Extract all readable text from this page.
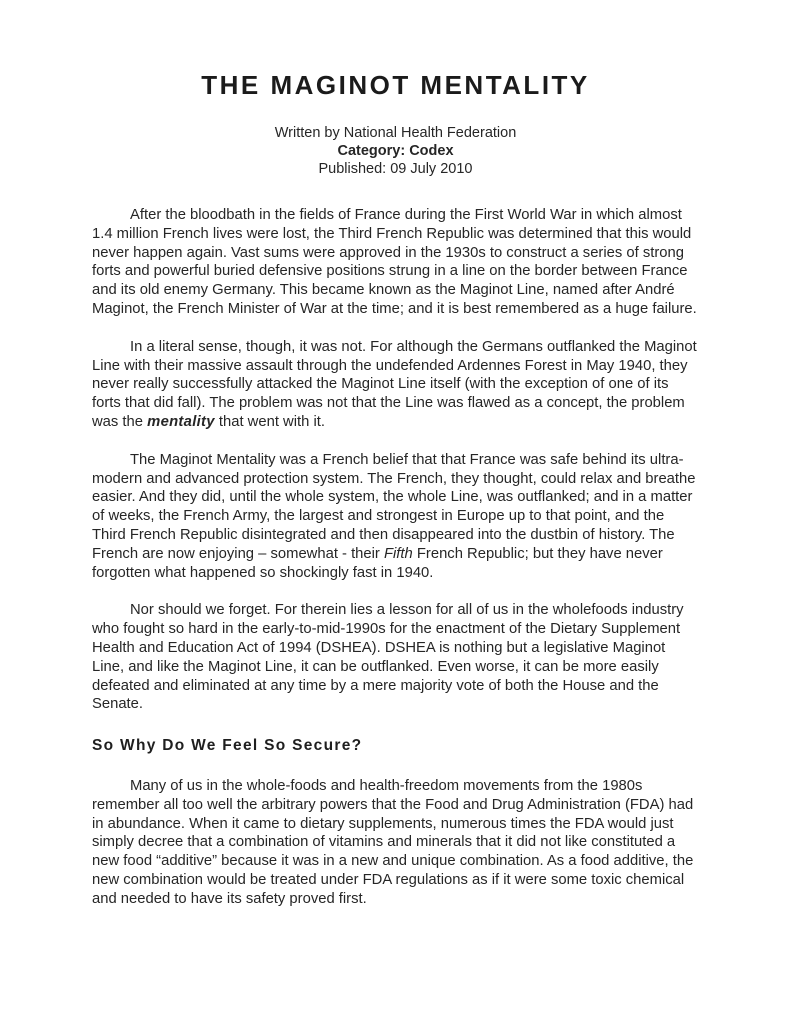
THE MAGINOT MENTALITY
Written by National Health Federation
Category: Codex
Published: 09 July 2010

After the bloodbath in the fields of France during the First World War in which almost 1.4 million French lives were lost, the Third French Republic was determined that this would never happen again. Vast sums were approved in the 1930s to construct a series of strong forts and powerful buried defensive positions strung in a line on the border between France and its old enemy Germany. This became known as the Maginot Line, named after André Maginot, the French Minister of War at the time; and it is best remembered as a huge failure.

In a literal sense, though, it was not. For although the Germans outflanked the Maginot Line with their massive assault through the undefended Ardennes Forest in May 1940, they never really successfully attacked the Maginot Line itself (with the exception of one of its forts that did fall). The problem was not that the Line was flawed as a concept, the problem was the mentality that went with it.

The Maginot Mentality was a French belief that that France was safe behind its ultra-modern and advanced protection system. The French, they thought, could relax and breathe easier. And they did, until the whole system, the whole Line, was outflanked; and in a matter of weeks, the French Army, the largest and strongest in Europe up to that point, and the Third French Republic disintegrated and then disappeared into the dustbin of history. The French are now enjoying – somewhat - their Fifth French Republic; but they have never forgotten what happened so shockingly fast in 1940.

Nor should we forget. For therein lies a lesson for all of us in the wholefoods industry who fought so hard in the early-to-mid-1990s for the enactment of the Dietary Supplement Health and Education Act of 1994 (DSHEA). DSHEA is nothing but a legislative Maginot Line, and like the Maginot Line, it can be outflanked. Even worse, it can be more easily defeated and eliminated at any time by a mere majority vote of both the House and the Senate.

So Why Do We Feel So Secure?

Many of us in the whole-foods and health-freedom movements from the 1980s remember all too well the arbitrary powers that the Food and Drug Administration (FDA) had in abundance. When it came to dietary supplements, numerous times the FDA would just simply decree that a combination of vitamins and minerals that it did not like constituted a new food “additive” because it was in a new and unique combination. As a food additive, the new combination would be treated under FDA regulations as if it were some toxic chemical and needed to have its safety proved first.
